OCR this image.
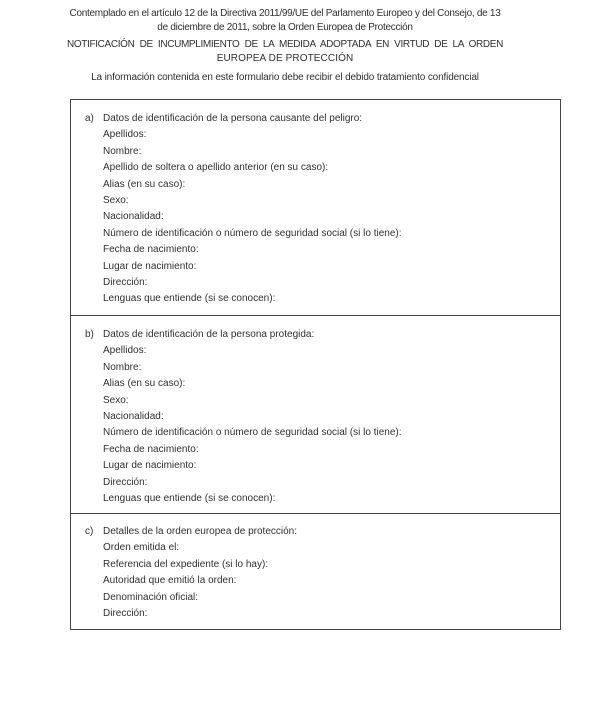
Contemplado en el artículo 12 de la Directiva 2011/99/UE del Parlamento Europeo y del Consejo, de 13
de diciembre de 2011, sobre la Orden Europea de Protección

NOTIFICACIÓN DE INCUMPLIMIENTO DE LA MEDIDA ADOPTADA EN VIRTUD DE LA ORDEN
EUROPEA DE PROTECCIÓN

La información contenida en este formulario debe recibir el debido tratamiento confidencial

a) Datos de identificación de la persona causante del peligro:
Apellidos:
Nombre:
Apellido de soltera o apellido anterior (en su caso):
Alias (en su caso):
Sexo:
Nacionalidad:
Número de identificación o número de seguridad social (si lo tiene):
Fecha de nacimiento:
Lugar de nacimiento:
Dirección:
Lenguas que entiende (si se conocen):
b) Datos de identificación de la persona protegida:
Apellidos:
Nombre:
Alias (en su caso):
Sexo:
Nacionalidad:
Número de identificación o número de seguridad social (si lo tiene):
Fecha de nacimiento:
Lugar de nacimiento:
Dirección:
Lenguas que entiende (si se conocen):
c) Detalles de la orden europea de protección:
Orden emitida el:
Referencia del expediente (si lo hay):
Autoridad que emitió la orden:
Denominación oficial:
Dirección:
